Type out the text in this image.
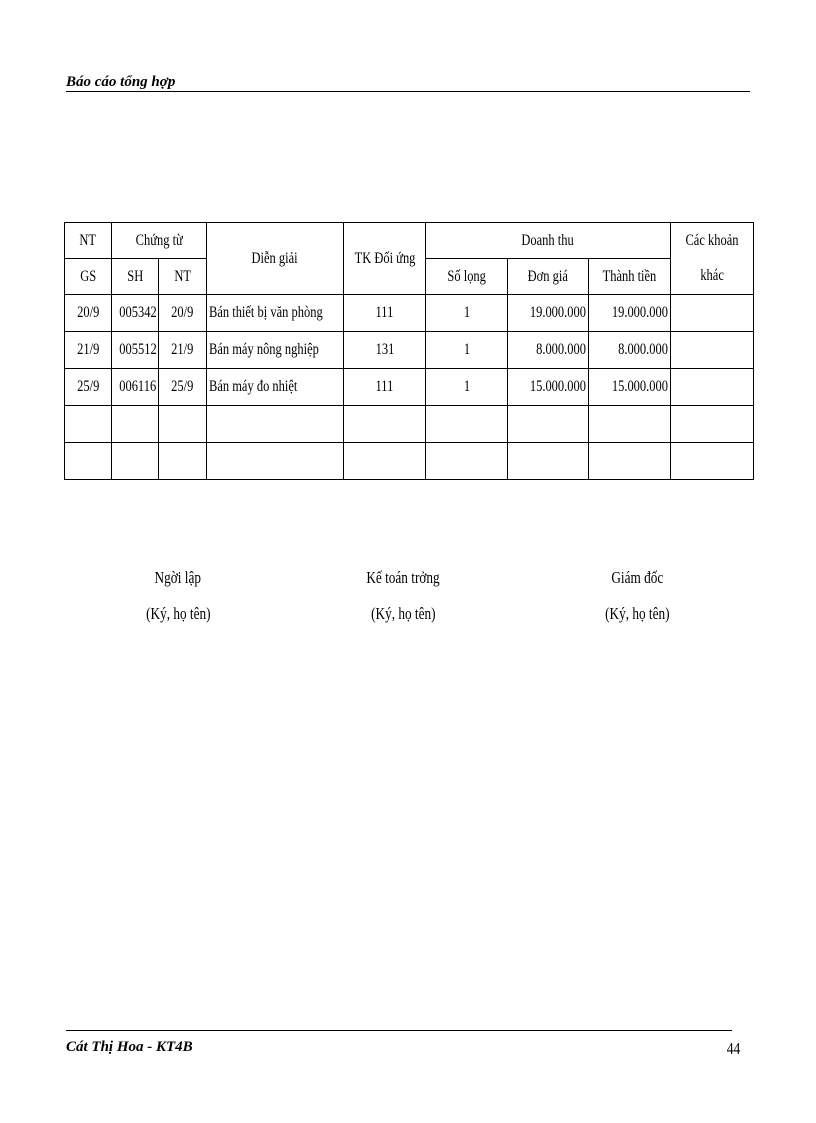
Báo cáo tổng hợp
NT	Chứng từ		Diễn giải	TK Đối ứng	Doanh thu			Các khoản
GS	SH	NT			Số lọng	Đơn giá	Thành tiền	khác
20/9	005342	20/9	Bán thiết bị văn phòng	111	1	19.000.000	19.000.000	
21/9	005512	21/9	Bán máy nông nghiệp	131	1	8.000.000	8.000.000	
25/9	006116	25/9	Bán máy đo nhiệt	111	1	15.000.000	15.000.000	

Ngời lập
(Ký, họ tên)
Kế toán trởng
(Ký, họ tên)
Giám đốc
(Ký, họ tên)
Cát Thị Hoa - KT4B	44
